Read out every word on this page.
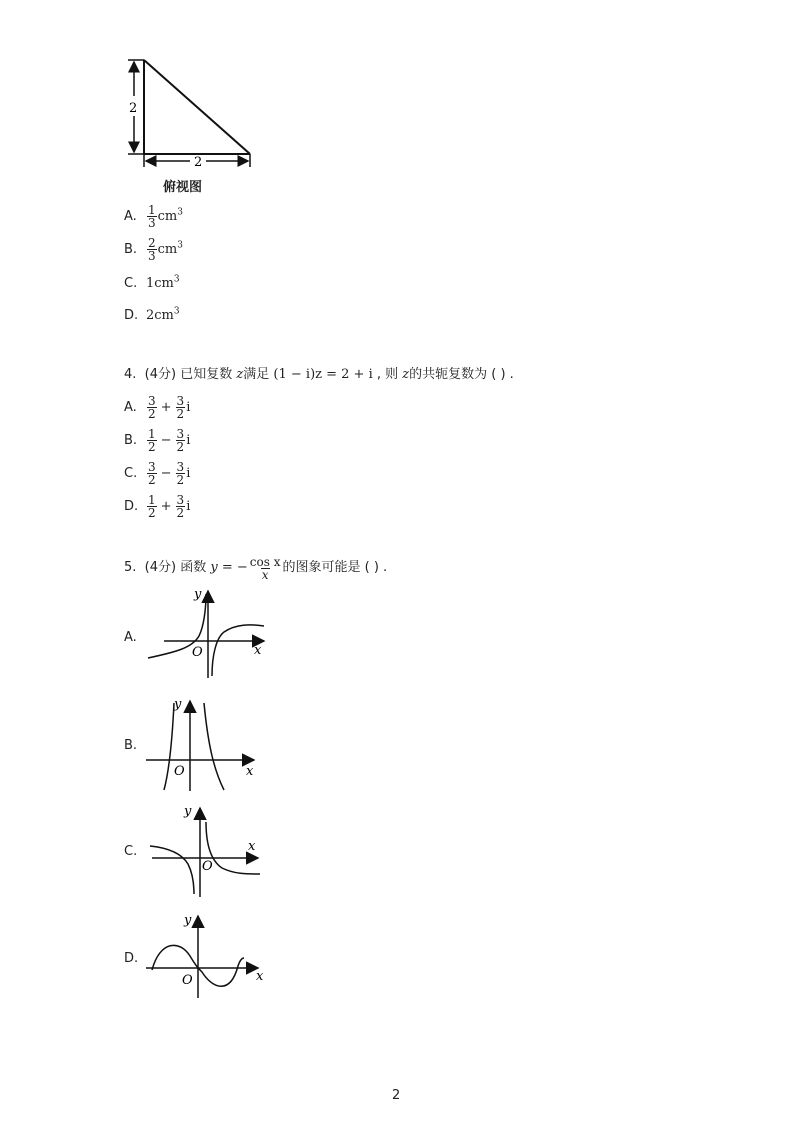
2
2
俯视图
A. $\frac{1}{3} cm^3$
B. $\frac{2}{3} cm^3$
C. $1cm^3$
D. $2cm^3$
4.
(4分)
已知复数
z 满足
(1 − i)z = 2 + i
, 则
z 的共轭复数为 ( ) .
A. $\frac{3}{2} + \frac{3}{2}$ i
B. $\frac{1}{2} - \frac{3}{2}$ i
C. $\frac{3}{2} - \frac{3}{2}$ i
D. $\frac{1}{2} + \frac{3}{2}$ i
5.
(4分)
函数
y = − $\frac{\text{cos x}}{x}$ 的图象可能是 ( ) .
A.
y
O	x
B.
y
O	x
C.
y
O
x
D.
y
O	x
2
